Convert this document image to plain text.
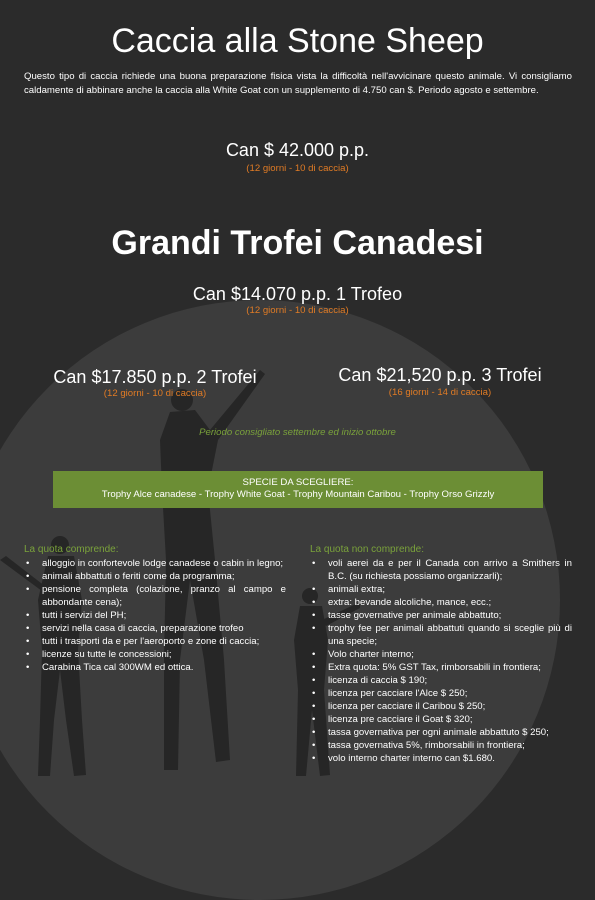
Caccia alla Stone Sheep

Questo tipo di caccia richiede una buona preparazione fisica vista la difficoltà nell'avvicinare questo animale. Vi consigliamo caldamente di abbinare anche la caccia alla White Goat con un supplemento di 4.750 can $. Periodo agosto e settembre.

Can $ 42.000 p.p.

(12 giorni - 10 di caccia)

Grandi Trofei Canadesi

Can $14.070 p.p. 1 Trofeo

(12 giorni - 10 di caccia)

Can $17.850 p.p. 2 Trofei

(12 giorni - 10 di caccia)

Can $21,520 p.p. 3 Trofei

(16 giorni - 14 di caccia)

Periodo consigliato settembre ed inizio ottobre

SPECIE DA SCEGLIERE:
Trophy Alce canadese - Trophy White Goat - Trophy Mountain Caribou - Trophy Orso Grizzly

La quota comprende:

• alloggio in confortevole lodge canadese o cabin in legno;
• animali abbattuti o feriti come da programma;
• pensione completa (colazione, pranzo al campo e abbondante cena);
• tutti i servizi del PH;
• servizi nella casa di caccia, preparazione trofeo
• tutti i trasporti da e per l'aeroporto e zone di caccia;
• licenze su tutte le concessioni;
• Carabina Tica cal 300WM ed ottica.

La quota non comprende:

• voli aerei da e per il Canada con arrivo a Smithers in B.C. (su richiesta possiamo organizzarli);
• animali extra;
• extra: bevande alcoliche, mance, ecc.;
• tasse governative per animale abbattuto;
• trophy fee per animali abbattuti quando si sceglie più di una specie;
• Volo charter interno;
• Extra quota: 5% GST Tax, rimborsabili in frontiera;
• licenza di caccia $ 190;
• licenza per cacciare l'Alce $ 250;
• licenza per cacciare il Caribou $ 250;
• licenza pre cacciare il Goat $ 320;
• tassa governativa per ogni animale abbattuto $ 250;
• tassa governativa 5%, rimborsabili in frontiera;
• volo interno charter interno can $1.680.
